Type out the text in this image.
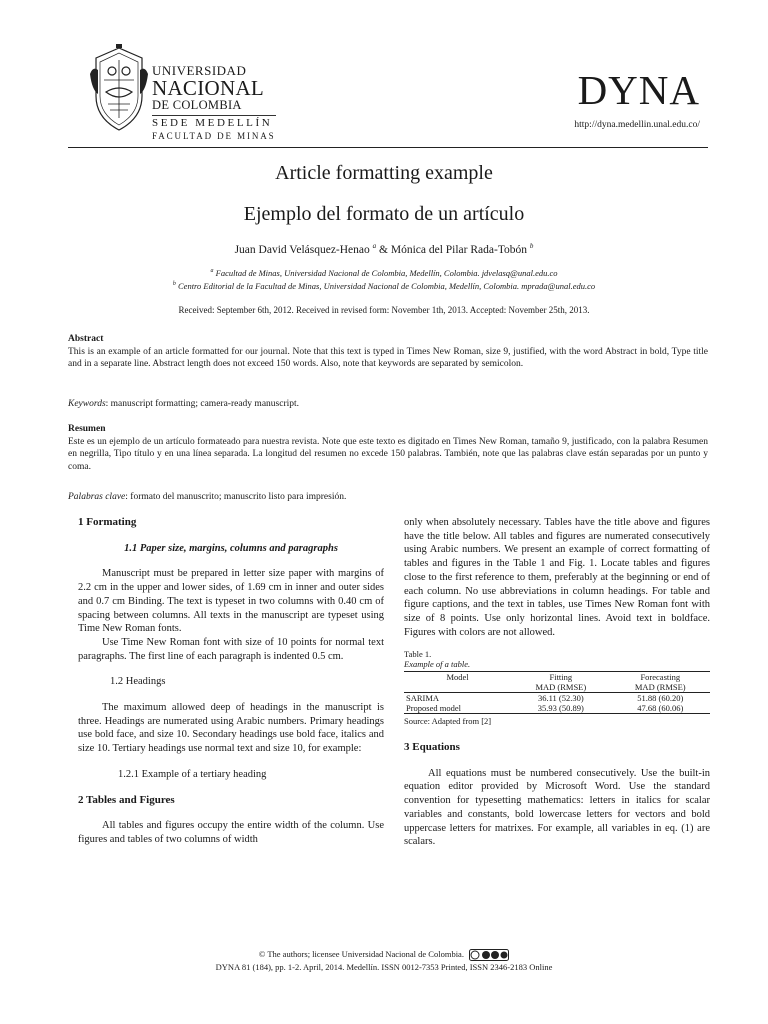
UNIVERSIDAD
NACIONAL
DE COLOMBIA
SEDE MEDELLÍN
FACULTAD DE MINAS
DYNA
http://dyna.medellin.unal.edu.co/
Article formatting example
Ejemplo del formato de un artículo
Juan David Velásquez-Henao $^a$ & Mónica del Pilar Rada-Tobón $^b$
$^a$ Facultad de Minas, Universidad Nacional de Colombia, Medellín, Colombia. jdvelasq@unal.edu.co
$^b$ Centro Editorial de la Facultad de Minas, Universidad Nacional de Colombia, Medellín, Colombia. mprada@unal.edu.co
Received: September 6th, 2012. Received in revised form: November 1th, 2013. Accepted: November 25th, 2013.
Abstract
This is an example of an article formatted for our journal. Note that this text is typed in Times New Roman, size 9, justified, with the word Abstract in bold, Type title and in a separate line. Abstract length does not exceed 150 words. Also, note that keywords are separated by semicolon.
Keywords: manuscript formatting; camera-ready manuscript.
Resumen
Este es un ejemplo de un artículo formateado para nuestra revista. Note que este texto es digitado en Times New Roman, tamaño 9, justificado, con la palabra Resumen en negrilla, Tipo título y en una línea separada. La longitud del resumen no excede 150 palabras. También, note que las palabras clave están separadas por un punto y coma.
Palabras clave: formato del manuscrito; manuscrito listo para impresión.
1 Formating
1.1 Paper size, margins, columns and paragraphs

Manuscript must be prepared in letter size paper with margins of 2.2 cm in the upper and lower sides, of 1.69 cm in inner and outer sides and 0.7 cm Binding. The text is typeset in two columns with 0.40 cm of spacing between columns. All texts in the manuscript are typeset using Time New Roman fonts.

Use Time New Roman font with size of 10 points for normal text paragraphs. The first line of each paragraph is indented 0.5 cm.

1.2 Headings

The maximum allowed deep of headings in the manuscript is three. Headings are numerated using Arabic numbers. Primary headings use bold face, and size 10. Secondary headings use bold face, italics and size 10. Tertiary headings use normal text and size 10, for example:

1.2.1 Example of a tertiary heading
2 Tables and Figures

All tables and figures occupy the entire width of the column. Use figures and tables of two columns of width

only when absolutely necessary. Tables have the title above and figures have the title below. All tables and figures are numerated consecutively using Arabic numbers. We present an example of correct formatting of tables and figures in the Table 1 and Fig. 1. Locate tables and figures close to the first reference to them, preferably at the beginning or end of each column. No use abbreviations in column headings. For table and figure captions, and the text in tables, use Times New Roman font with size of 8 points. Use only horizontal lines. Avoid text in boldface. Figures with colors are not allowed.

Table 1.
Example of a table.
Model	Fitting	Forecasting
	MAD (RMSE)	MAD (RMSE)
SARIMA	36.11 (52.30)	51.88 (60.20)
Proposed model	35.93 (50.89)	47.68 (60.06)
Source: Adapted from [2]
3 Equations

All equations must be numbered consecutively. Use the built-in equation editor provided by Microsoft Word. Use the standard convention for typesetting mathematics: letters in italics for scalar variables and constants, bold lowercase letters for vectors and bold uppercase letters for matrixes. For example, all variables in eq. (1) are scalars.

© The authors; licensee Universidad Nacional de Colombia.
DYNA 81 (184), pp. 1-2. April, 2014. Medellín. ISSN 0012-7353 Printed, ISSN 2346-2183 Online
